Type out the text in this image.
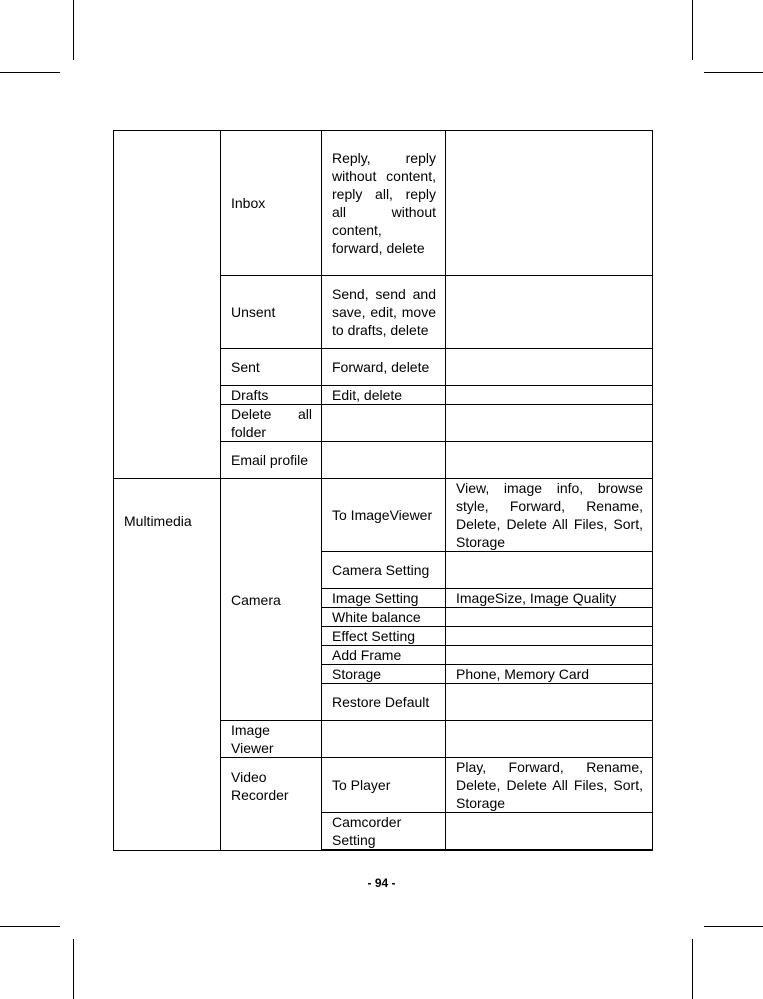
	Inbox	Reply, reply without content, reply all, reply all without content, forward, delete	
	Unsent	Send, send and save, edit, move to drafts, delete	
	Sent	Forward, delete	
	Drafts	Edit, delete	
	Delete all folder		
	Email profile		
Multimedia	Camera	To ImageViewer	View, image info, browse style, Forward, Rename, Delete, Delete All Files, Sort, Storage
		Camera Setting	
		Image Setting	ImageSize, Image Quality
		White balance	
		Effect Setting	
		Add Frame	
		Storage	Phone, Memory Card
		Restore Default	
	Image Viewer		
	Video Recorder	To Player	Play, Forward, Rename, Delete, Delete All Files, Sort, Storage
		Camcorder Setting	
- 94 -
